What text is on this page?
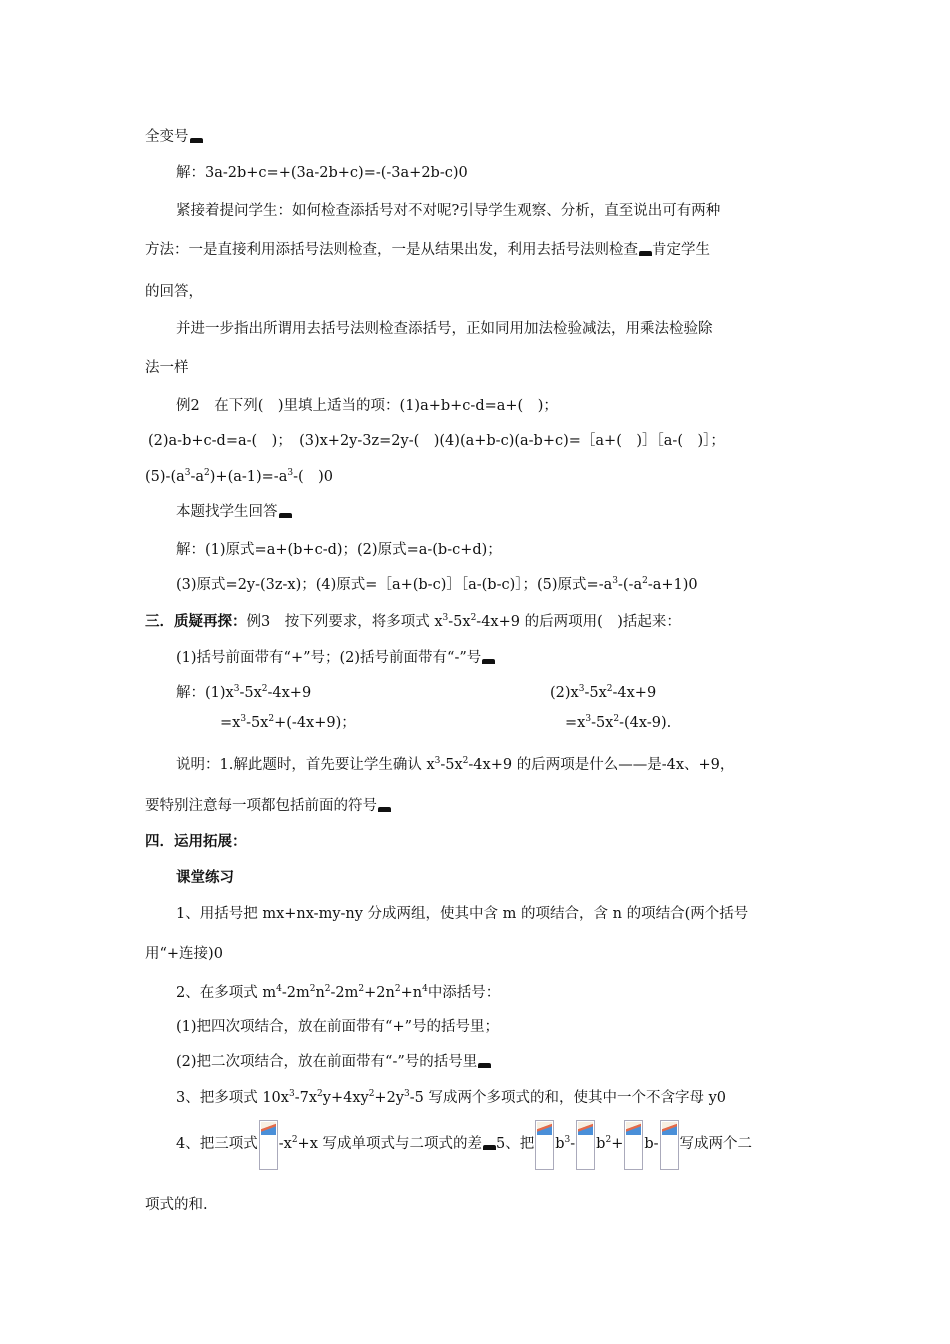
全变号
解：3a-2b+c=+(3a-2b+c)=-(-3a+2b-c)0
紧接着提问学生：如何检查添括号对不对呢?引导学生观察、分析，直至说出可有两种
方法：一是直接利用添括号法则检查，一是从结果出发，利用去括号法则检查 肯定学生
的回答，
并进一步指出所谓用去括号法则检查添括号，正如同用加法检验减法，用乘法检验除
法一样
例2　在下列(　)里填上适当的项：(1)a+b+c-d=a+(　)；
(2)a-b+c-d=a-(　)；　(3)x+2y-3z=2y-(　)(4)(a+b-c)(a-b+c)=［a+(　)］［a-(　)］；
$(5)-(a^3-a^2)+(a-1)=-a^3-$(　)0
本题找学生回答
解：(1)原式=a+(b+c-d)；(2)原式=a-(b-c+d)；
(3)原式=2y-(3z-x)；(4)原式=［a+(b-c)］［a-(b-c)］；(5)原式$=-a^3-(-a^2-a+1)0$
三．质疑再探：例3　按下列要求，将多项式 $x^3-5x^2-4x+9$ 的后两项用(　)括起来：
(1)括号前面带有“+”号；(2)括号前面带有“-”号
解：$(1)x^3-5x^2-4x+9$	$(2)x^3-5x^2-4x+9$
$=x^3-5x^2+(-4x+9)$；	$=x^3-5x^2-(4x-9)$.
说明：1.解此题时，首先要让学生确认 $x^3-5x^2-4x+9$ 的后两项是什么——是-4x、+9，
要特别注意每一项都包括前面的符号
四．运用拓展：
课堂练习
1、用括号把 mx+nx-my-ny 分成两组，使其中含 m 的项结合，含 n 的项结合(两个括号
用“+连接)0
2、在多项式 $m^4-2m^2n^2-2m^2+2n^2+n^4$中添括号：
(1)把四次项结合，放在前面带有“+”号的括号里；
(2)把二次项结合，放在前面带有“-”号的括号里
3、把多项式 $10x^3-7x^2y+4xy^2+2y^3-5$ 写成两个多项式的和，使其中一个不含字母 y0
4、把三项式 $-x^2+x$ 写成单项式与二项式的差 5、把 $b^3-$ $b^2+ b-$ 写成两个二
项式的和.
